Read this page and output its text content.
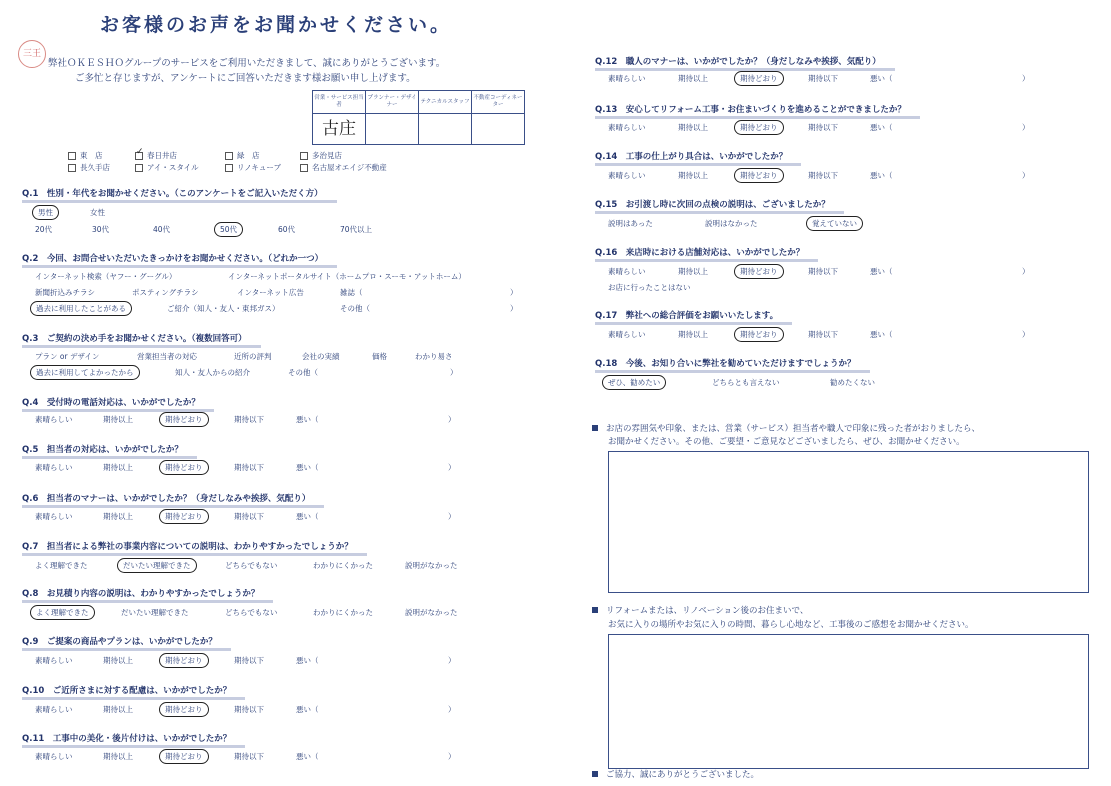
お客様のお声をお聞かせください。
三王
弊社ＯＫＥＳＨＯグループのサービスをご利用いただきまして、誠にありがとうございます。
ご多忙と存じますが、アンケートにご回答いただきます様お願い申し上げます。
営業・サービス担当者	プランナー・デザイナー	テクニカルスタッフ	不動産コーディネーター
古庄			
東　店 ✓	春日井店	緑　店	多治見店
長久手店	アイ・スタイル	リノキューブ	名古屋オエイジ不動産
Q.1　性別・年代をお聞かせください。（このアンケートをご記入いただく方）
男性	女性
20代	30代	40代	50代	60代	70代以上
Q.2　今回、お問合せいただいたきっかけをお聞かせください。（どれか一つ）
インターネット検索（ヤフー・グーグル）	インターネットポータルサイト（ホームプロ・スーモ・アットホーム）
新聞折込みチラシ	ポスティングチラシ	インターネット広告	雑誌（	）
過去に利用したことがある	ご紹介（知人・友人・東邦ガス）	その他（	）
Q.3　ご契約の決め手をお聞かせください。（複数回答可）
プラン or デザイン	営業担当者の対応	近所の評判	会社の実績	価格	わかり易さ
過去に利用してよかったから	知人・友人からの紹介	その他（	）
Q.4　受付時の電話対応は、いかがでしたか？
素晴らしい	期待以上	期待どおり	期待以下	悪い（	）
Q.5　担当者の対応は、いかがでしたか？
素晴らしい	期待以上	期待どおり	期待以下	悪い（	）
Q.6　担当者のマナーは、いかがでしたか？（身だしなみや挨拶、気配り）
素晴らしい	期待以上	期待どおり	期待以下	悪い（	）
Q.7　担当者による弊社の事業内容についての説明は、わかりやすかったでしょうか？
よく理解できた	だいたい理解できた	どちらでもない	わかりにくかった	説明がなかった
Q.8　お見積り内容の説明は、わかりやすかったでしょうか？
よく理解できた	だいたい理解できた	どちらでもない	わかりにくかった	説明がなかった
Q.9　ご提案の商品やプランは、いかがでしたか？
素晴らしい	期待以上	期待どおり	期待以下	悪い（	）
Q.10　ご近所さまに対する配慮は、いかがでしたか？
素晴らしい	期待以上	期待どおり	期待以下	悪い（	）
Q.11　工事中の美化・後片付けは、いかがでしたか？
素晴らしい	期待以上	期待どおり	期待以下	悪い（	）
Q.12　職人のマナーは、いかがでしたか？（身だしなみや挨拶、気配り）
素晴らしい	期待以上	期待どおり	期待以下	悪い（	）
Q.13　安心してリフォーム工事・お住まいづくりを進めることができましたか？
素晴らしい	期待以上	期待どおり	期待以下	悪い（	）
Q.14　工事の仕上がり具合は、いかがでしたか？
素晴らしい	期待以上	期待どおり	期待以下	悪い（	）
Q.15　お引渡し時に次回の点検の説明は、ございましたか？
説明はあった	説明はなかった	覚えていない
Q.16　来店時における店舗対応は、いかがでしたか？
素晴らしい	期待以上	期待どおり	期待以下	悪い（	）
お店に行ったことはない
Q.17　弊社への総合評価をお願いいたします。
素晴らしい	期待以上	期待どおり	期待以下	悪い（	）
Q.18　今後、お知り合いに弊社を勧めていただけますでしょうか？
ぜひ、勧めたい	どちらとも言えない	勧めたくない
お店の雰囲気や印象、または、営業（サービス）担当者や職人で印象に残った者がおりましたら、
お聞かせください。その他、ご要望・ご意見などございましたら、ぜひ、お聞かせください。
リフォームまたは、リノベーション後のお住まいで、
お気に入りの場所やお気に入りの時間、暮らし心地など、工事後のご感想をお聞かせください。
ご協力、誠にありがとうございました。
